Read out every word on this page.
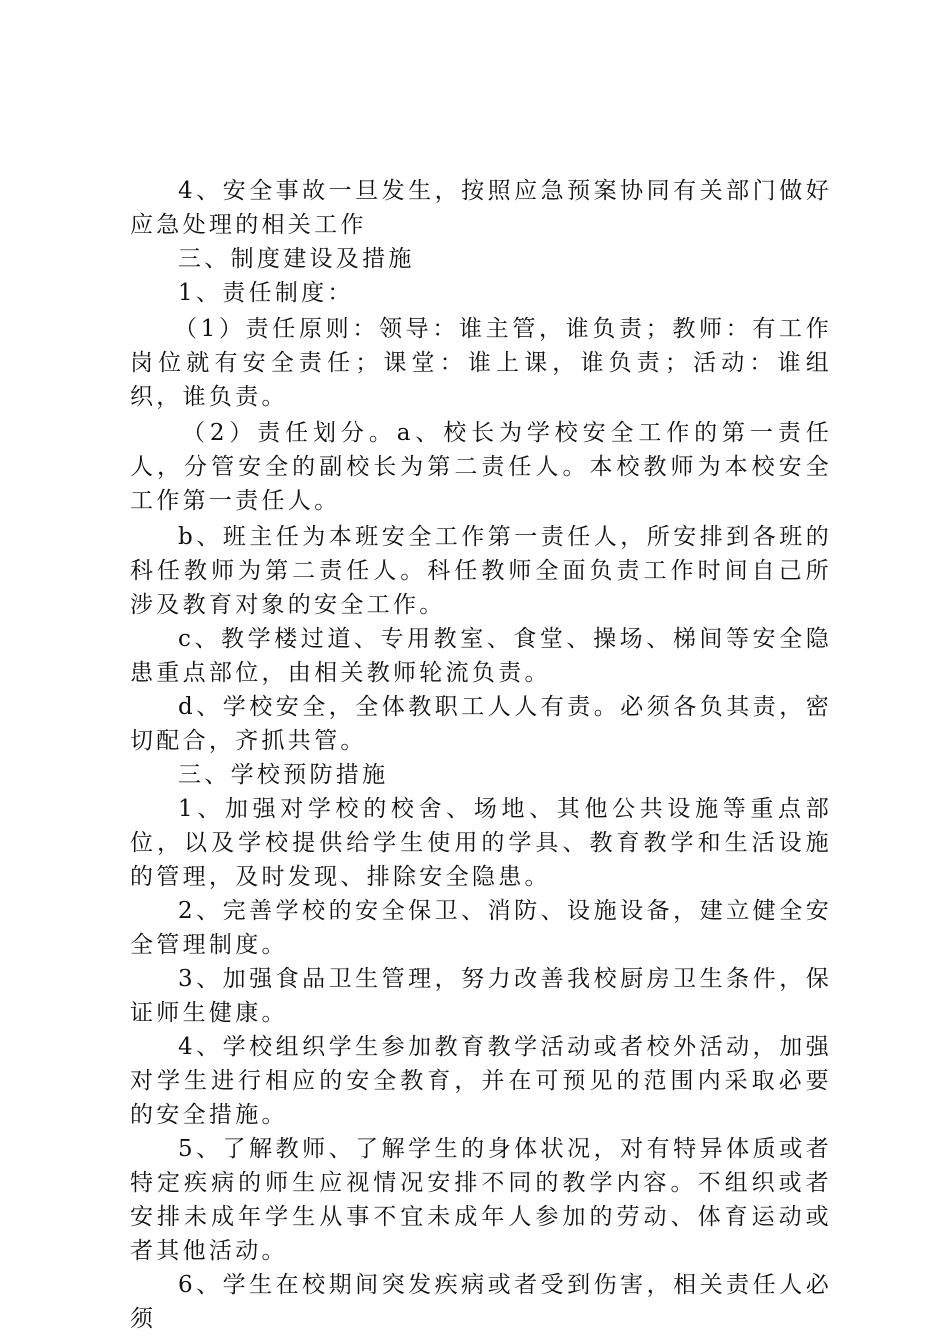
4、安全事故一旦发生，按照应急预案协同有关部门做好应急处理的相关工作

三、制度建设及措施

1、责任制度：

（1）责任原则：领导：谁主管，谁负责；教师：有工作岗位就有安全责任；课堂：谁上课，谁负责；活动：谁组织，谁负责。

（2）责任划分。a、校长为学校安全工作的第一责任人，分管安全的副校长为第二责任人。本校教师为本校安全工作第一责任人。

b、班主任为本班安全工作第一责任人，所安排到各班的科任教师为第二责任人。科任教师全面负责工作时间自己所涉及教育对象的安全工作。

c、教学楼过道、专用教室、食堂、操场、梯间等安全隐患重点部位，由相关教师轮流负责。

d、学校安全，全体教职工人人有责。必须各负其责，密切配合，齐抓共管。

三、学校预防措施

1、加强对学校的校舍、场地、其他公共设施等重点部位，以及学校提供给学生使用的学具、教育教学和生活设施的管理，及时发现、排除安全隐患。

2、完善学校的安全保卫、消防、设施设备，建立健全安全管理制度。

3、加强食品卫生管理，努力改善我校厨房卫生条件，保证师生健康。

4、学校组织学生参加教育教学活动或者校外活动，加强对学生进行相应的安全教育，并在可预见的范围内采取必要的安全措施。

5、了解教师、了解学生的身体状况，对有特异体质或者特定疾病的师生应视情况安排不同的教学内容。不组织或者安排未成年学生从事不宜未成年人参加的劳动、体育运动或者其他活动。

6、学生在校期间突发疾病或者受到伤害，相关责任人必须
